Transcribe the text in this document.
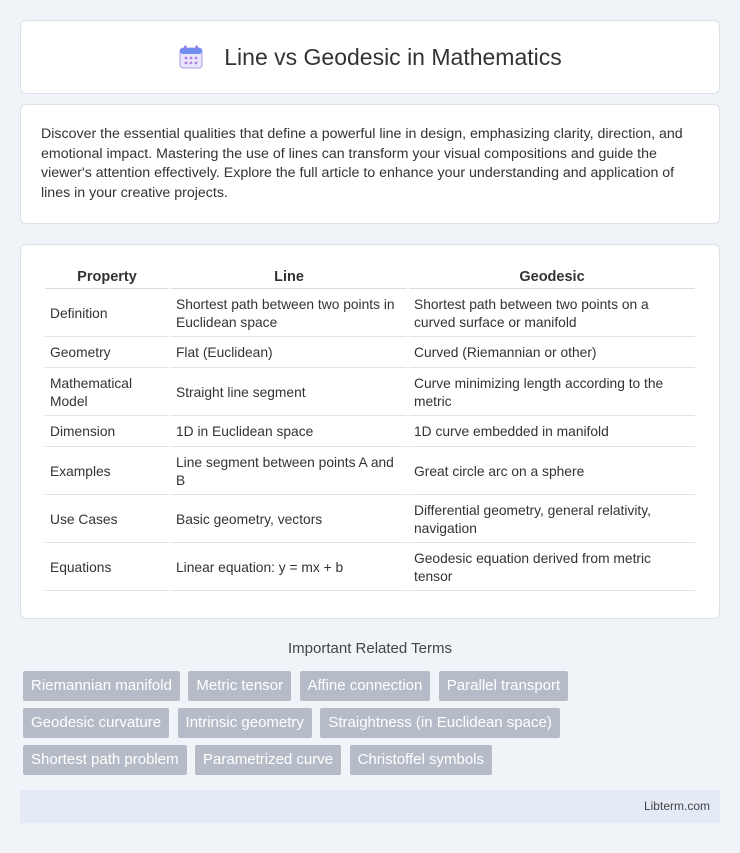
Line vs Geodesic in Mathematics

Discover the essential qualities that define a powerful line in design, emphasizing clarity, direction, and emotional impact. Mastering the use of lines can transform your visual compositions and guide the viewer's attention effectively. Explore the full article to enhance your understanding and application of lines in your creative projects.

Property	Line	Geodesic
Definition	Shortest path between two points in Euclidean space	Shortest path between two points on a curved surface or manifold
Geometry	Flat (Euclidean)	Curved (Riemannian or other)
Mathematical Model	Straight line segment	Curve minimizing length according to the metric
Dimension	1D in Euclidean space	1D curve embedded in manifold
Examples	Line segment between points A and B	Great circle arc on a sphere
Use Cases	Basic geometry, vectors	Differential geometry, general relativity, navigation
Equations	Linear equation: y = mx + b	Geodesic equation derived from metric tensor
Important Related Terms
Riemannian manifold Metric tensor Affine connection Parallel transport Geodesic curvature Intrinsic geometry Straightness (in Euclidean space) Shortest path problem Parametrized curve Christoffel symbols
Libterm.com
